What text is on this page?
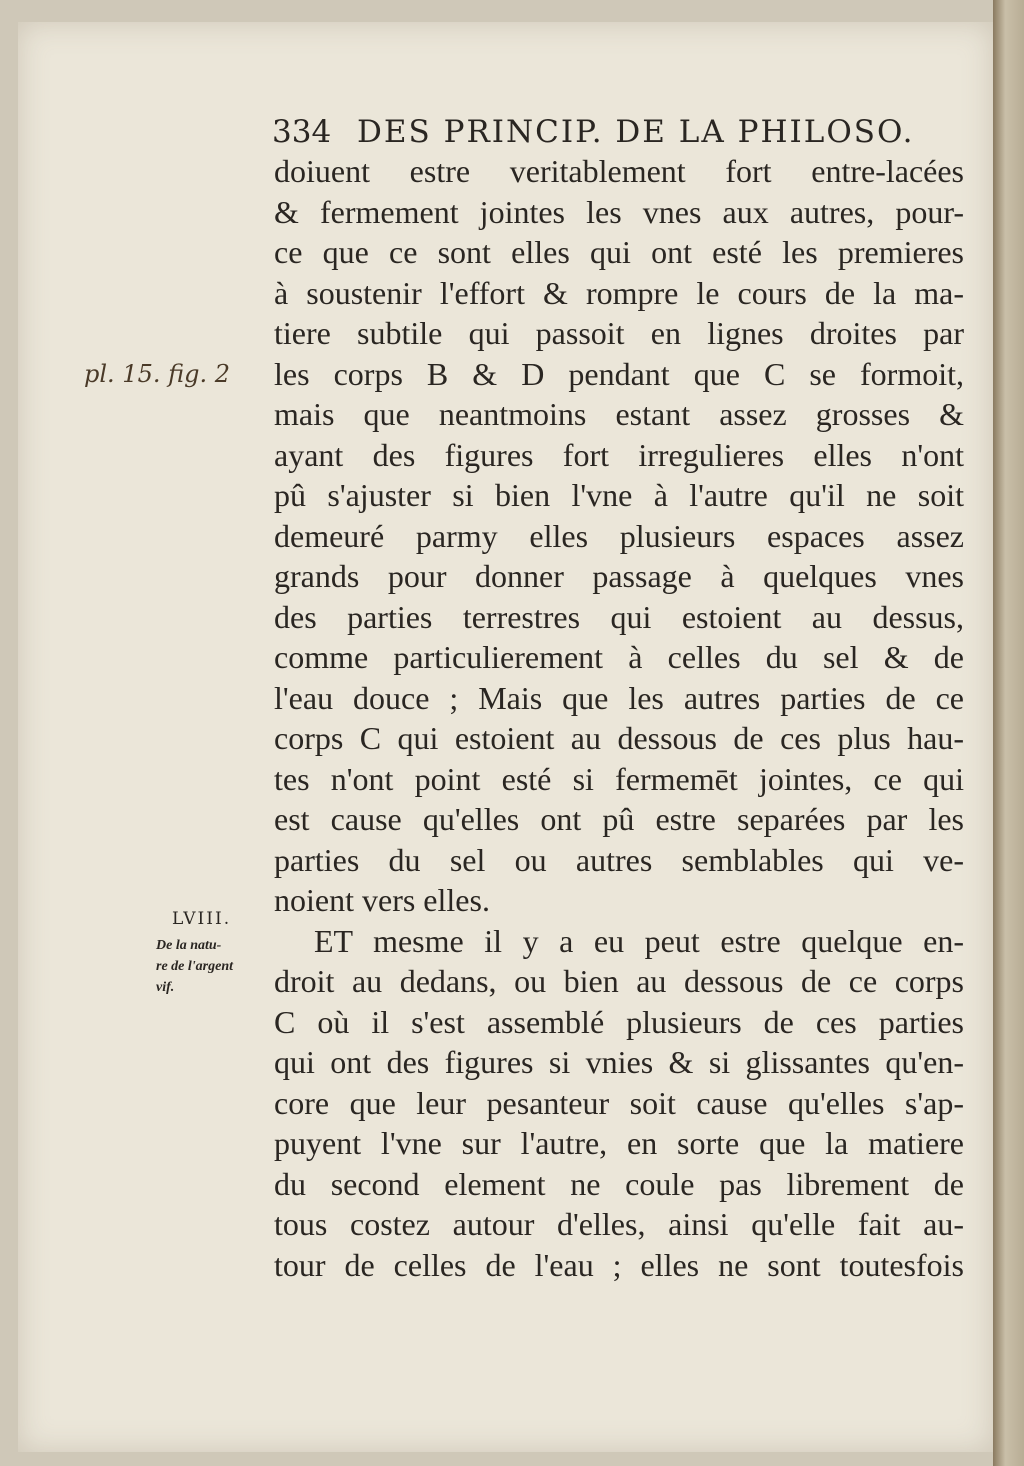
334 DES PRINCIP. DE LA PHILOSO.
pl. 15. fig. 2
LVIII.
De la natu-
re de l'argent
vif.
doiuent estre veritablement fort entre-lacées
& fermement jointes les vnes aux autres, pour-
ce que ce sont elles qui ont esté les premieres
à soustenir l'effort & rompre le cours de la ma-
tiere subtile qui passoit en lignes droites par
les corps B & D pendant que C se formoit,
mais que neantmoins estant assez grosses &
ayant des figures fort irregulieres elles n'ont
pû s'ajuster si bien l'vne à l'autre qu'il ne soit
demeuré parmy elles plusieurs espaces assez
grands pour donner passage à quelques vnes
des parties terrestres qui estoient au dessus,
comme particulierement à celles du sel & de
l'eau douce ; Mais que les autres parties de ce
corps C qui estoient au dessous de ces plus hau-
tes n'ont point esté si fermemēt jointes, ce qui
est cause qu'elles ont pû estre separées par les
parties du sel ou autres semblables qui ve-
noient vers elles.
ET mesme il y a eu peut estre quelque en-
droit au dedans, ou bien au dessous de ce corps
C où il s'est assemblé plusieurs de ces parties
qui ont des figures si vnies & si glissantes qu'en-
core que leur pesanteur soit cause qu'elles s'ap-
puyent l'vne sur l'autre, en sorte que la matiere
du second element ne coule pas librement de
tous costez autour d'elles, ainsi qu'elle fait au-
tour de celles de l'eau ; elles ne sont toutesfois
